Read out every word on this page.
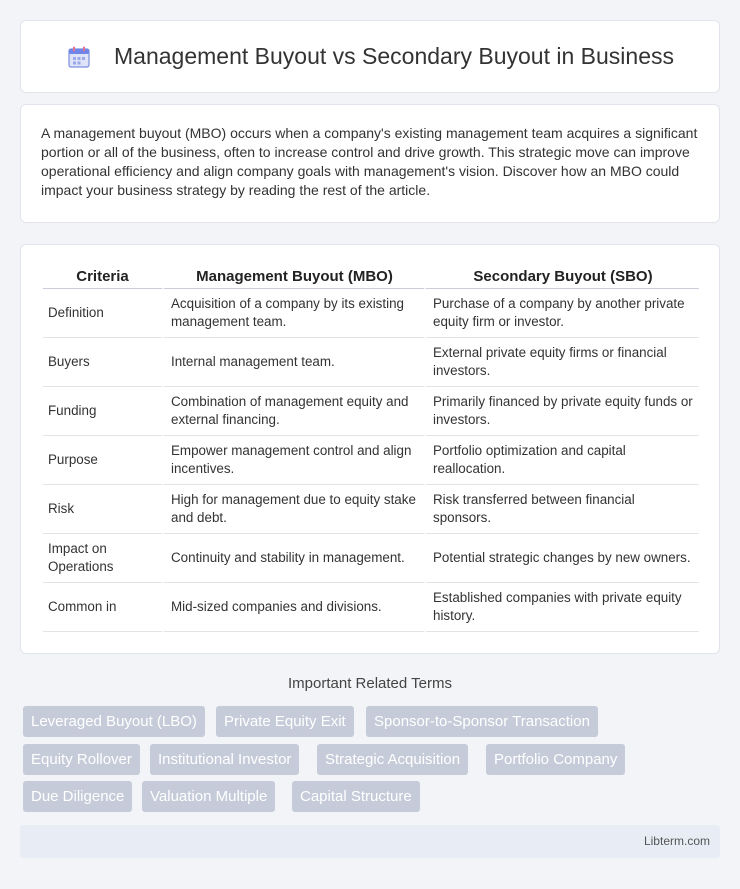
Management Buyout vs Secondary Buyout in Business

A management buyout (MBO) occurs when a company's existing management team acquires a significant portion or all of the business, often to increase control and drive growth. This strategic move can improve operational efficiency and align company goals with management's vision. Discover how an MBO could impact your business strategy by reading the rest of the article.

Criteria	Management Buyout (MBO)	Secondary Buyout (SBO)
Definition	Acquisition of a company by its existing management team.	Purchase of a company by another private equity firm or investor.
Buyers	Internal management team.	External private equity firms or financial investors.
Funding	Combination of management equity and external financing.	Primarily financed by private equity funds or investors.
Purpose	Empower management control and align incentives.	Portfolio optimization and capital reallocation.
Risk	High for management due to equity stake and debt.	Risk transferred between financial sponsors.
Impact on Operations	Continuity and stability in management.	Potential strategic changes by new owners.
Common in	Mid-sized companies and divisions.	Established companies with private equity history.
Important Related Terms
Leveraged Buyout (LBO)	Private Equity Exit	Sponsor-to-Sponsor Transaction
Equity Rollover	Institutional Investor	Strategic Acquisition	Portfolio Company
Due Diligence	Valuation Multiple	Capital Structure
Libterm.com
